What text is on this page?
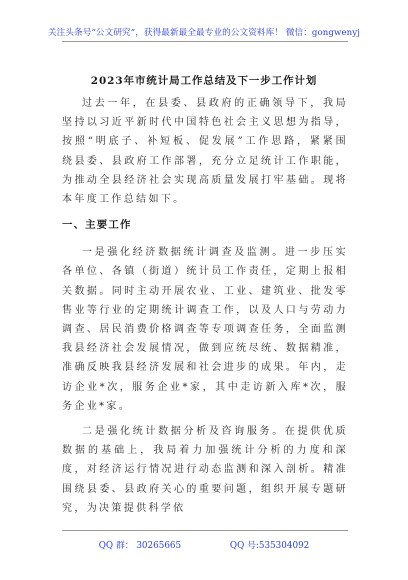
关注头条号“公文研究”，获得最新最全最专业的公文资料库！ 微信：gongwenyj
2023年市统计局工作总结及下一步工作计划

过去一年，在县委、县政府的正确领导下，我局坚持以习近平新时代中国特色社会主义思想为指导，按照“明底子、补短板、促发展”工作思路，紧紧围绕县委、县政府工作部署，充分立足统计工作职能，为推动全县经济社会实现高质量发展打牢基础。现将本年度工作总结如下。

一、主要工作

一是强化经济数据统计调查及监测。进一步压实各单位、各镇（街道）统计员工作责任，定期上报相关数据。同时主动开展农业、工业、建筑业、批发零售业等行业的定期统计调查工作，以及人口与劳动力调查、居民消费价格调查等专项调查任务，全面监测我县经济社会发展情况，做到应统尽统、数据精准，准确反映我县经济发展和社会进步的成果。年内，走访企业*次，服务企业*家，其中走访新入库*次，服务企业*家。

二是强化统计数据分析及咨询服务。在提供优质数据的基础上，我局着力加强统计分析的力度和深度，对经济运行情况进行动态监测和深入剖析。精准围绕县委、县政府关心的重要问题，组织开展专题研究，为决策提供科学依

QQ 群： 30265665	QQ 号:535304092
